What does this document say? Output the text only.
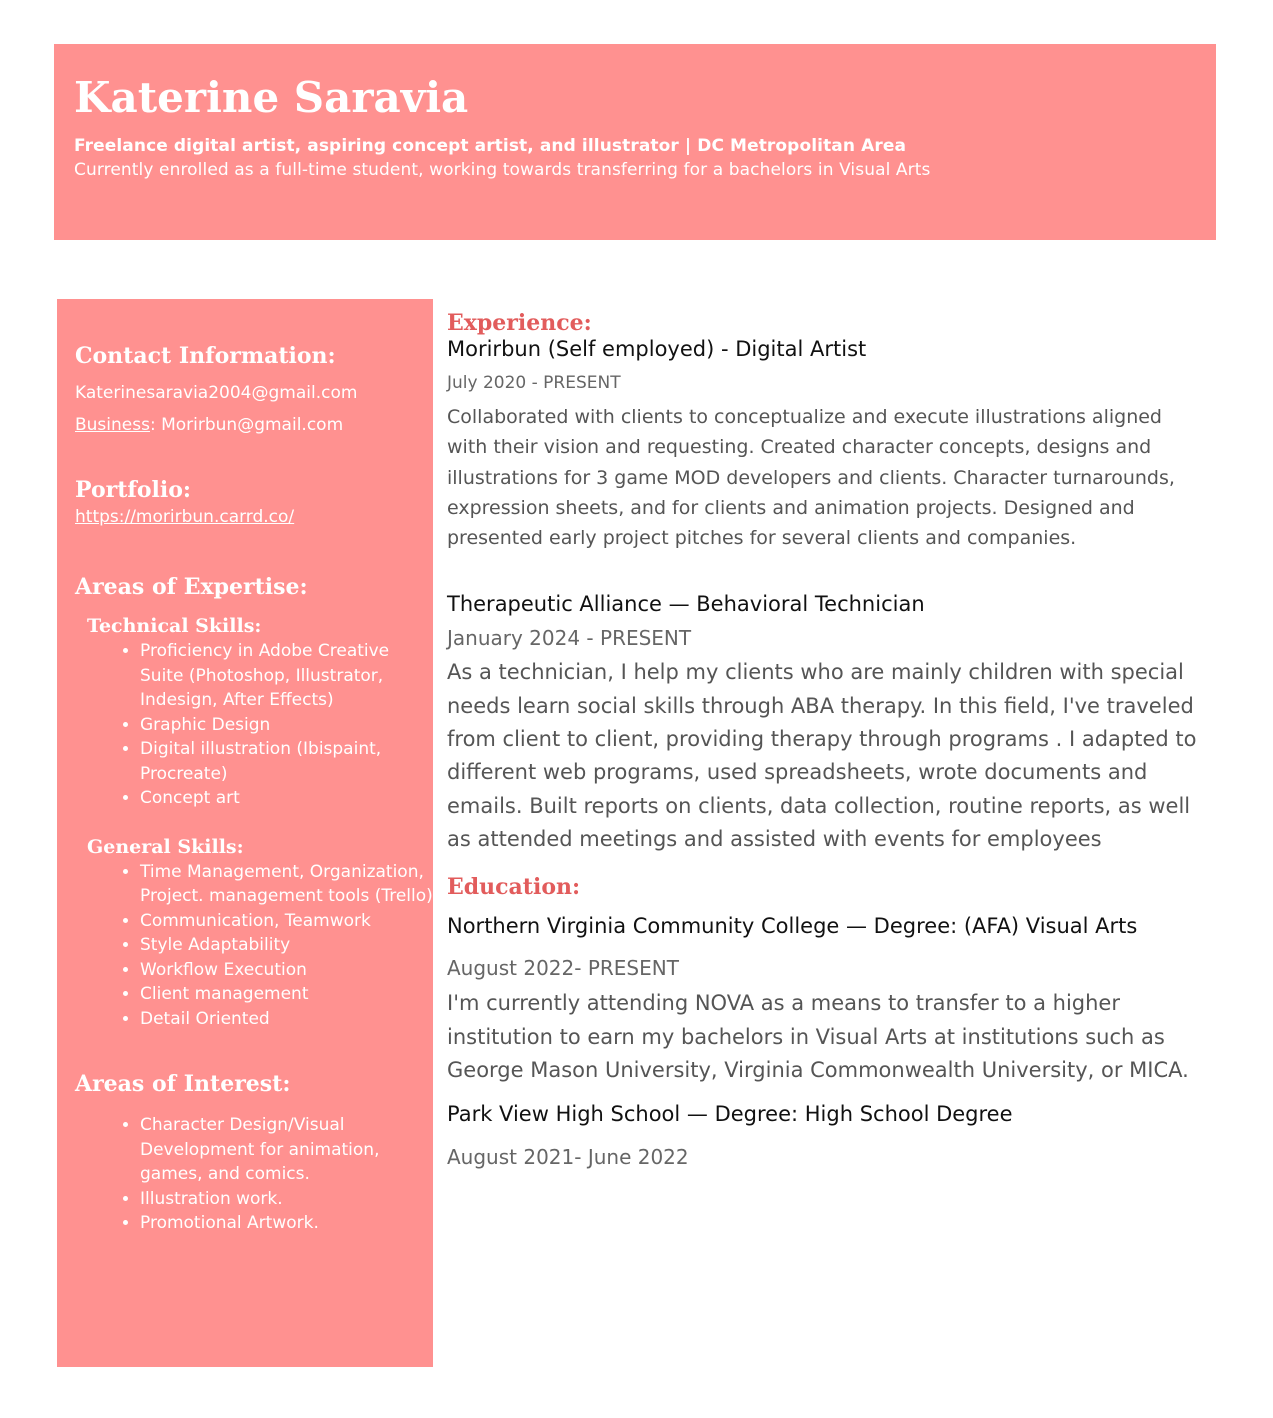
Katerine Saravia
Freelance digital artist, aspiring concept artist, and illustrator | DC Metropolitan Area
Currently enrolled as a full-time student, working towards transferring for a bachelors in Visual Arts
Contact Information:
Katerinesaravia2004@gmail.com
Business: Morirbun@gmail.com
Portfolio:
https://morirbun.carrd.co/
Areas of Expertise:
Technical Skills:
• Proficiency in Adobe Creative Suite (Photoshop, Illustrator, Indesign, After Effects)
• Graphic Design
• Digital illustration (Ibispaint, Procreate)
• Concept art
General Skills:
• Time Management, Organization, Project. management tools (Trello)
• Communication, Teamwork
• Style Adaptability
• Workflow Execution
• Client management
• Detail Oriented
Areas of Interest:
• Character Design/Visual Development for animation, games, and comics.
• Illustration work.
• Promotional Artwork.
Experience:
Morirbun (Self employed) - Digital Artist
July 2020 - PRESENT

Collaborated with clients to conceptualize and execute illustrations aligned with their vision and requesting. Created character concepts, designs and illustrations for 3 game MOD developers and clients. Character turnarounds, expression sheets, and for clients and animation projects. Designed and presented early project pitches for several clients and companies.

Therapeutic Alliance — Behavioral Technician
January 2024 - PRESENT

As a technician, I help my clients who are mainly children with special needs learn social skills through ABA therapy. In this field, I've traveled from client to client, providing therapy through programs . I adapted to different web programs, used spreadsheets, wrote documents and emails. Built reports on clients, data collection, routine reports, as well as attended meetings and assisted with events for employees

Education:
Northern Virginia Community College — Degree: (AFA) Visual Arts
August 2022- PRESENT

I'm currently attending NOVA as a means to transfer to a higher institution to earn my bachelors in Visual Arts at institutions such as George Mason University, Virginia Commonwealth University, or MICA.

Park View High School — Degree: High School Degree
August 2021- June 2022
